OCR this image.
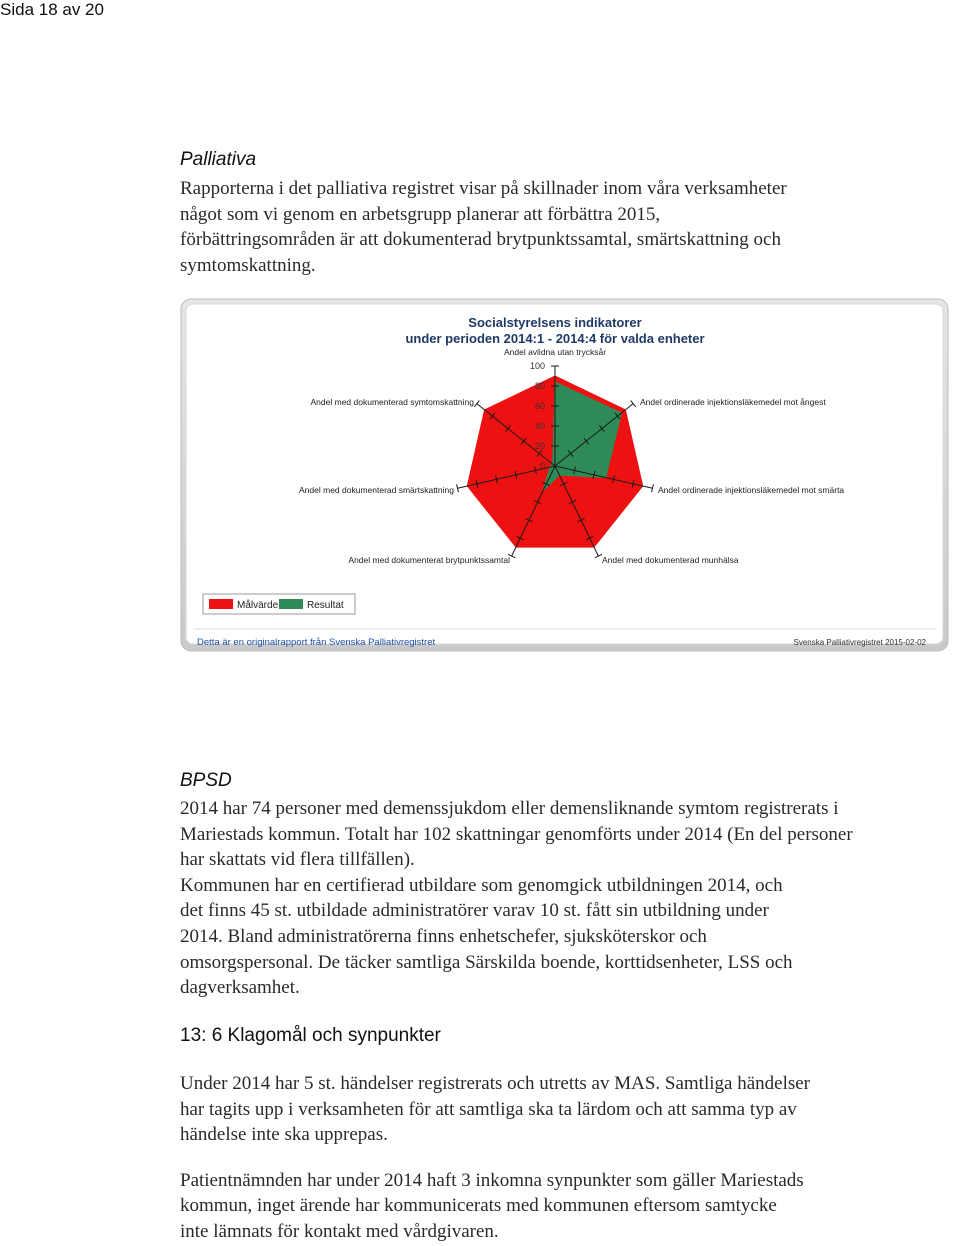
Sida 18 av 20
Palliativa

Rapporterna i det palliativa registret visar på skillnader inom våra verksamheter
något som vi genom en arbetsgrupp planerar att förbättra 2015,
förbättringsområden är att dokumenterad brytpunktssamtal, smärtskattning och
symtomskattning.

Socialstyrelsens indikatorer
under perioden 2014:1 - 2014:4 för valda enheter
100
80
60
40
20
0
Andel avlidna utan trycksår
Andel ordinerade injektionsläkemedel mot ångest
Andel ordinerade injektionsläkemedel mot smärta
Andel med dokumenterad munhälsa
Andel med dokumenterat brytpunktssamtal
Andel med dokumenterad smärtskattning
Andel med dokumenterad symtomskattning
Målvärde	Resultat
Detta är en originalrapport från Svenska Palliativregistret	Svenska Palliativregistret 2015-02-02
BPSD

2014 har 74 personer med demenssjukdom eller demensliknande symtom registrerats i
Mariestads kommun. Totalt har 102 skattningar genomförts under 2014 (En del personer
har skattats vid flera tillfällen).

Kommunen har en certifierad utbildare som genomgick utbildningen 2014, och
det finns 45 st. utbildade administratörer varav 10 st. fått sin utbildning under
2014. Bland administratörerna finns enhetschefer, sjuksköterskor och
omsorgspersonal. De täcker samtliga Särskilda boende, korttidsenheter, LSS och
dagverksamhet.

13: 6 Klagomål och synpunkter

Under 2014 har 5 st. händelser registrerats och utretts av MAS. Samtliga händelser
har tagits upp i verksamheten för att samtliga ska ta lärdom och att samma typ av
händelse inte ska upprepas.

Patientnämnden har under 2014 haft 3 inkomna synpunkter som gäller Mariestads
kommun, inget ärende har kommunicerats med kommunen eftersom samtycke
inte lämnats för kontakt med vårdgivaren.
